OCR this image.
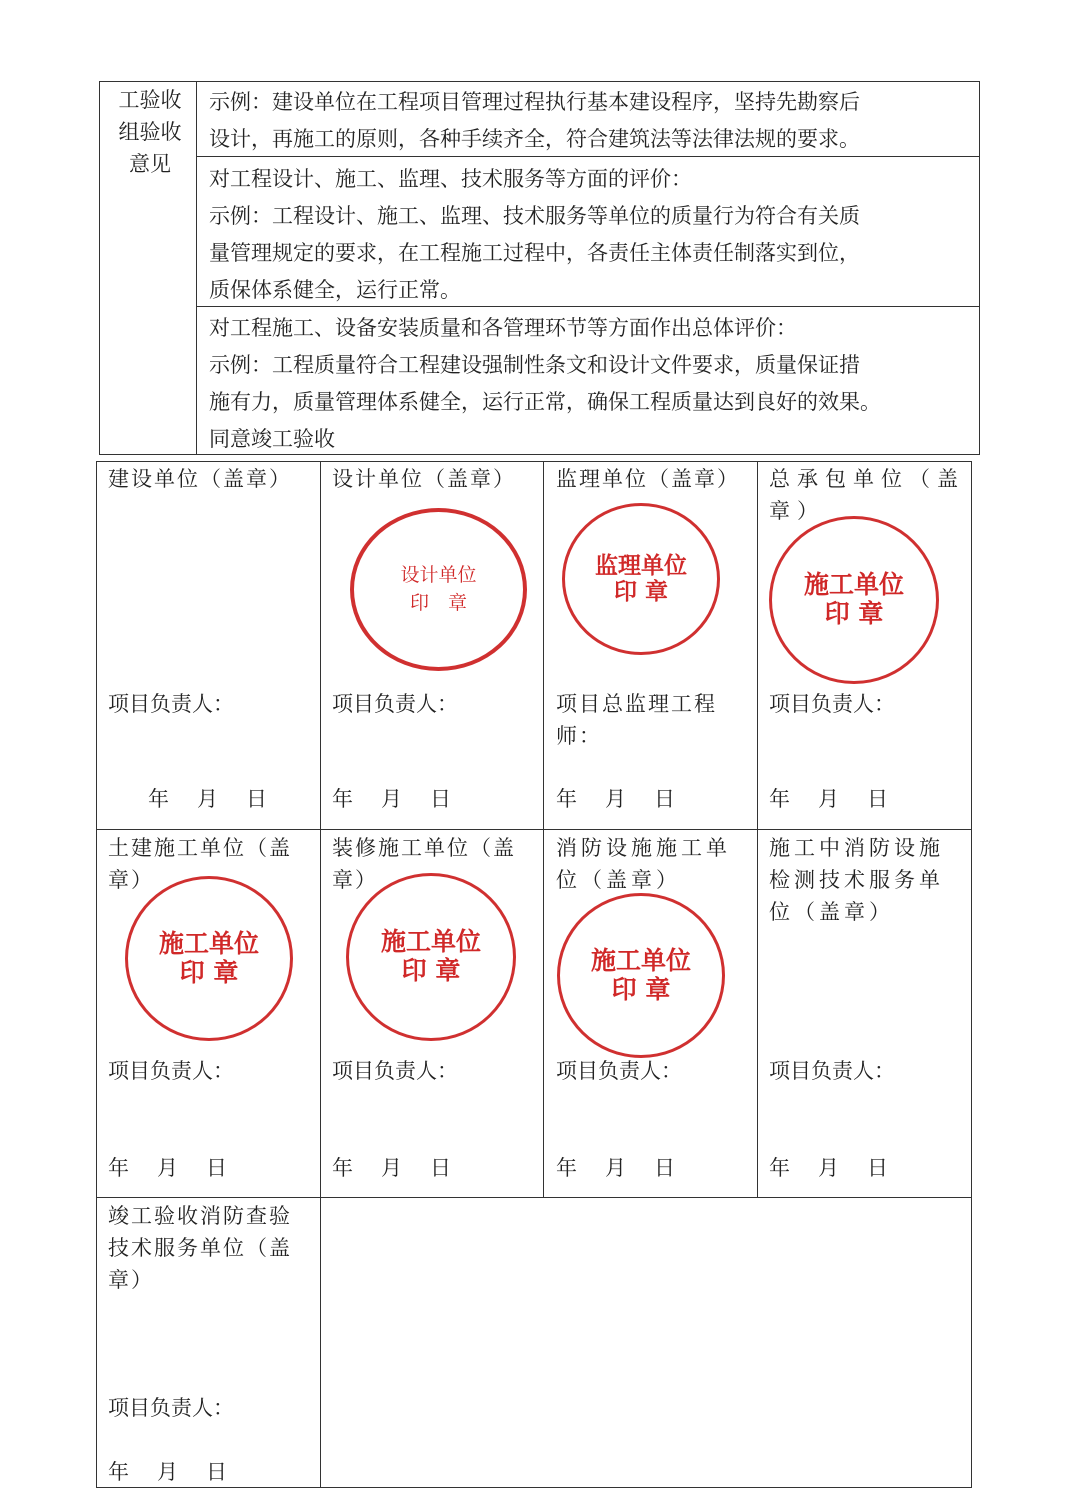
工验收
组验收
意见
示例：建设单位在工程项目管理过程执行基本建设程序，坚持先勘察后
设计，再施工的原则，各种手续齐全，符合建筑法等法律法规的要求。
对工程设计、施工、监理、技术服务等方面的评价：
示例：工程设计、施工、监理、技术服务等单位的质量行为符合有关质
量管理规定的要求，在工程施工过程中，各责任主体责任制落实到位，
质保体系健全，运行正常。
对工程施工、设备安装质量和各管理环节等方面作出总体评价：
示例：工程质量符合工程建设强制性条文和设计文件要求，质量保证措
施有力，质量管理体系健全，运行正常，确保工程质量达到良好的效果。
同意竣工验收
建设单位（盖章）
项目负责人：
年 月 日
设计单位（盖章）
设计单位
印　章
项目负责人：
年 月 日
监理单位（盖章）
监理单位
印 章
项目总监理工程师：
年 月 日
总承包单位（盖章）
施工单位
印 章
项目负责人：
年 月 日
土建施工单位（盖章）
施工单位
印 章
项目负责人：
年 月 日
装修施工单位（盖章）
施工单位
印 章
项目负责人：
年 月 日
消防设施施工单位（盖章）
施工单位
印 章
项目负责人：
年 月 日
施工中消防设施检测技术服务单位（盖章）
项目负责人：
年 月 日
竣工验收消防查验技术服务单位（盖章）
项目负责人：
年 月 日
